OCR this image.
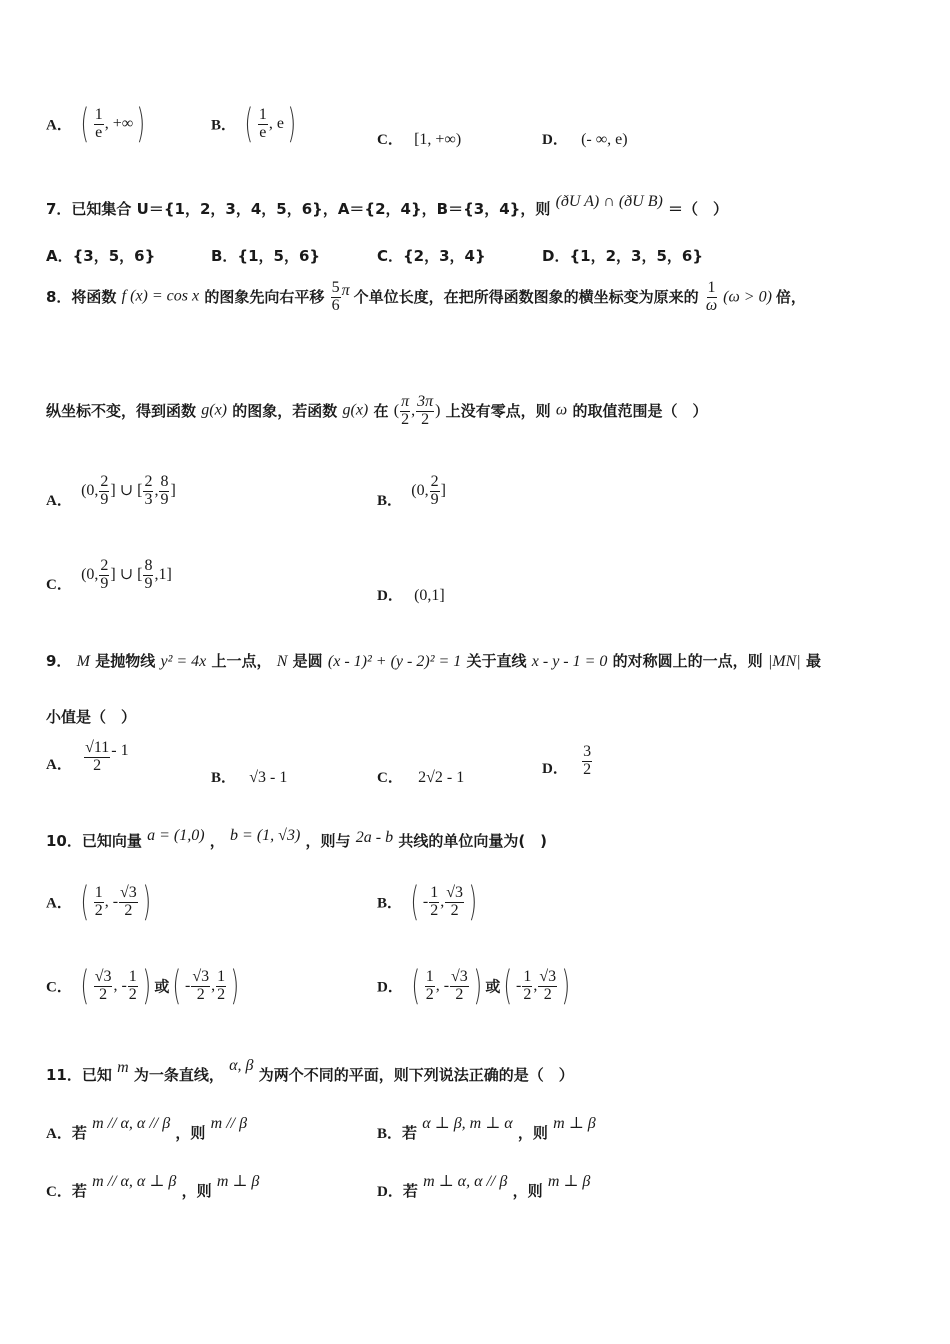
A． ( $\frac{1}{e}$ , +∞ )	B． ( $\frac{1}{e}$ , e )	C． [1, +∞)	D． (- ∞, e)
7．已知集合 U＝{1，2，3，4，5，6}，A＝{2，4}，B＝{3，4}，则 (ðU A) ∩ (ðU B) ＝（　）
A．{3，5，6}	B．{1，5，6}	C．{2，3，4}	D．{1，2，3，5，6}
8．将函数 f (x) = cos x 的图象先向右平移 $\frac{5}{6}$ π 个单位长度，在把所得函数图象的横坐标变为原来的 $\frac{1}{\omega} (\omega > 0)$ 倍，
纵坐标不变，得到函数 g(x) 的图象，若函数 g(x) 在 ( $\frac{\pi}{2}$ , $\frac{3\pi}{2}$ ) 上没有零点，则 ω 的取值范围是（　）
A． (0, $\frac{2}{9}$ ] ∪ [ $\frac{2}{3}$ , $\frac{8}{9}$ ]
B． (0, $\frac{2}{9}$ ]
C． (0, $\frac{2}{9}$ ] ∪ [ $\frac{8}{9} ,1$]
D． (0,1]
9． M 是抛物线 y² = 4x 上一点， N 是圆 (x - 1)² + (y - 2)² = 1 关于直线 x - y - 1 = 0 的对称圆上的一点，则 |MN| 最
小值是（　）
A． $\frac{√11}{2} - 1$
B． √3 - 1	C． 2√2 - 1
D． $\frac{3}{2}$
10．已知向量 a = (1,0) ， b = (1, √3) ，则与 2a - b 共线的单位向量为(　)
A． ( $\frac{1}{2}$ , - $\frac{√3}{2}$ )	B． ( - $\frac{1}{2}$ , $\frac{√3}{2}$ )
C． ( $\frac{√3}{2}$ , - $\frac{1}{2}$ ) 或 ( - $\frac{√3}{2}$ , $\frac{1}{2}$ )	D． ( $\frac{1}{2}$ , - $\frac{√3}{2}$ ) 或 ( - $\frac{1}{2}$ , $\frac{√3}{2}$ )
11．已知 m 为一条直线， α, β 为两个不同的平面，则下列说法正确的是（　）
A．若 m // α, α // β ，则 m // β
B．若 α ⊥ β, m ⊥ α ，则 m ⊥ β
C．若 m // α, α ⊥ β ，则 m ⊥ β
D．若 m ⊥ α, α // β ，则 m ⊥ β
